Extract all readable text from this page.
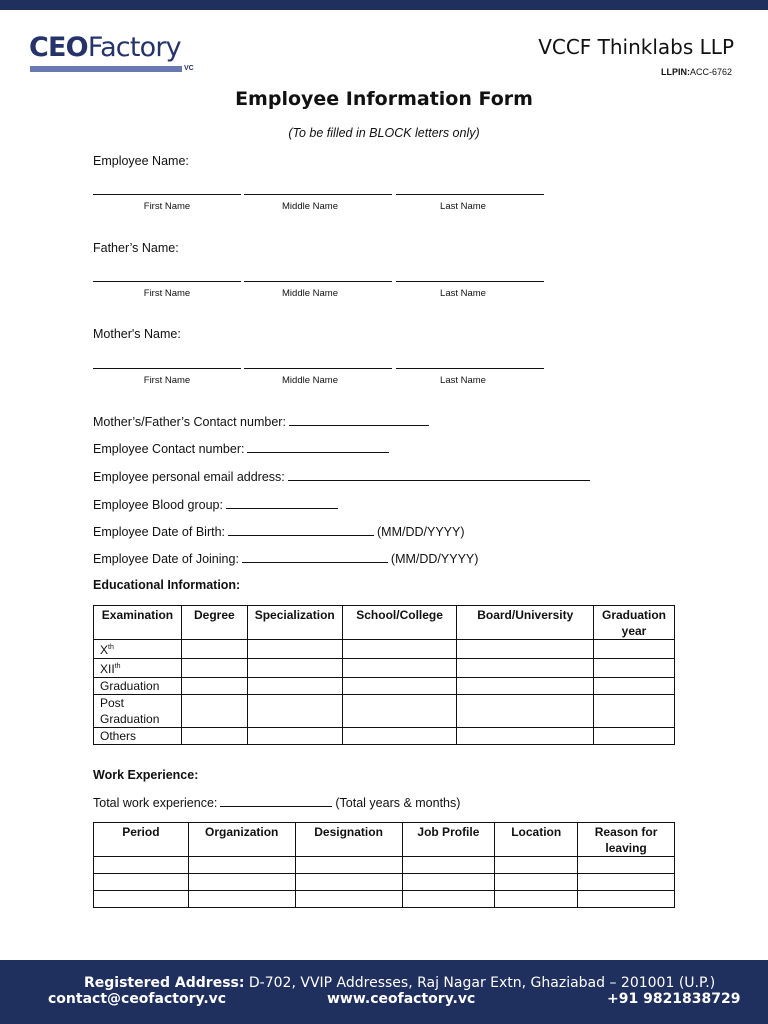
CEOFactory
VC
VCCF Thinklabs LLP
LLPIN:ACC-6762
Employee Information Form
(To be filled in BLOCK letters only)
Employee Name:
First Name	Middle Name	Last Name
Father’s Name:
First Name	Middle Name	Last Name
Mother's Name:
First Name	Middle Name	Last Name
Mother’s/Father’s Contact number:
Employee Contact number:
Employee personal email address:
Employee Blood group:
Employee Date of Birth:	(MM/DD/YYYY)
Employee Date of Joining:	(MM/DD/YYYY)
Educational Information:
Examination	Degree	Specialization	School/College	Board/University	Graduation year
Xth					
XIIth					
Graduation					
Post Graduation					
Others					
Work Experience:
Total work experience:	(Total years & months)
Period	Organization	Designation	Job Profile	Location	Reason for leaving

Registered Address: D-702, VVIP Addresses, Raj Nagar Extn, Ghaziabad – 201001 (U.P.)
contact@ceofactory.vc	www.ceofactory.vc	+91 9821838729
